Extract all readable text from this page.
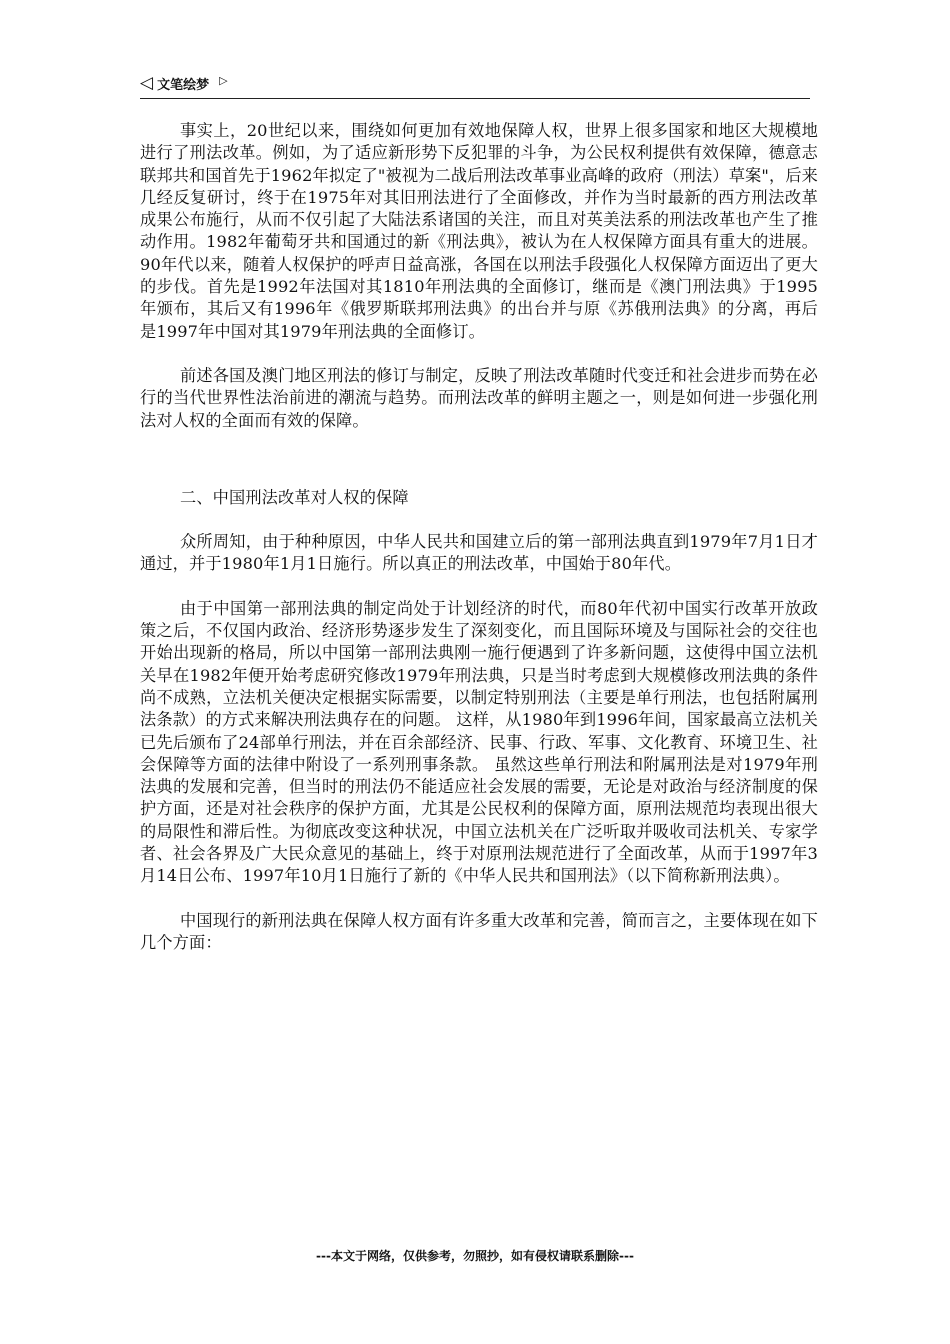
◁ 文笔绘梦 ▷

事实上，20世纪以来，围绕如何更加有效地保障人权，世界上很多国家和地区大规模地进行了刑法改革。例如，为了适应新形势下反犯罪的斗争，为公民权利提供有效保障，德意志联邦共和国首先于1962年拟定了"被视为二战后刑法改革事业高峰的政府（刑法）草案"，后来几经反复研讨，终于在1975年对其旧刑法进行了全面修改，并作为当时最新的西方刑法改革成果公布施行，从而不仅引起了大陆法系诸国的关注，而且对英美法系的刑法改革也产生了推动作用。1982年葡萄牙共和国通过的新《刑法典》，被认为在人权保障方面具有重大的进展。90年代以来，随着人权保护的呼声日益高涨，各国在以刑法手段强化人权保障方面迈出了更大的步伐。首先是1992年法国对其1810年刑法典的全面修订，继而是《澳门刑法典》于1995年颁布，其后又有1996年《俄罗斯联邦刑法典》的出台并与原《苏俄刑法典》的分离，再后是1997年中国对其1979年刑法典的全面修订。

前述各国及澳门地区刑法的修订与制定，反映了刑法改革随时代变迁和社会进步而势在必行的当代世界性法治前进的潮流与趋势。而刑法改革的鲜明主题之一，则是如何进一步强化刑法对人权的全面而有效的保障。

二、中国刑法改革对人权的保障

众所周知，由于种种原因，中华人民共和国建立后的第一部刑法典直到1979年7月1日才通过，并于1980年1月1日施行。所以真正的刑法改革，中国始于80年代。

由于中国第一部刑法典的制定尚处于计划经济的时代，而80年代初中国实行改革开放政策之后，不仅国内政治、经济形势逐步发生了深刻变化，而且国际环境及与国际社会的交往也开始出现新的格局，所以中国第一部刑法典刚一施行便遇到了许多新问题，这使得中国立法机关早在1982年便开始考虑研究修改1979年刑法典，只是当时考虑到大规模修改刑法典的条件尚不成熟，立法机关便决定根据实际需要，以制定特别刑法（主要是单行刑法，也包括附属刑法条款）的方式来解决刑法典存在的问题。 这样，从1980年到1996年间，国家最高立法机关已先后颁布了24部单行刑法，并在百余部经济、民事、行政、军事、文化教育、环境卫生、社会保障等方面的法律中附设了一系列刑事条款。 虽然这些单行刑法和附属刑法是对1979年刑法典的发展和完善，但当时的刑法仍不能适应社会发展的需要，无论是对政治与经济制度的保护方面，还是对社会秩序的保护方面，尤其是公民权利的保障方面，原刑法规范均表现出很大的局限性和滞后性。为彻底改变这种状况，中国立法机关在广泛听取并吸收司法机关、专家学者、社会各界及广大民众意见的基础上，终于对原刑法规范进行了全面改革，从而于1997年3月14日公布、1997年10月1日施行了新的《中华人民共和国刑法》（以下简称新刑法典）。

中国现行的新刑法典在保障人权方面有许多重大改革和完善，简而言之，主要体现在如下几个方面：

---本文于网络，仅供参考，勿照抄，如有侵权请联系删除---
